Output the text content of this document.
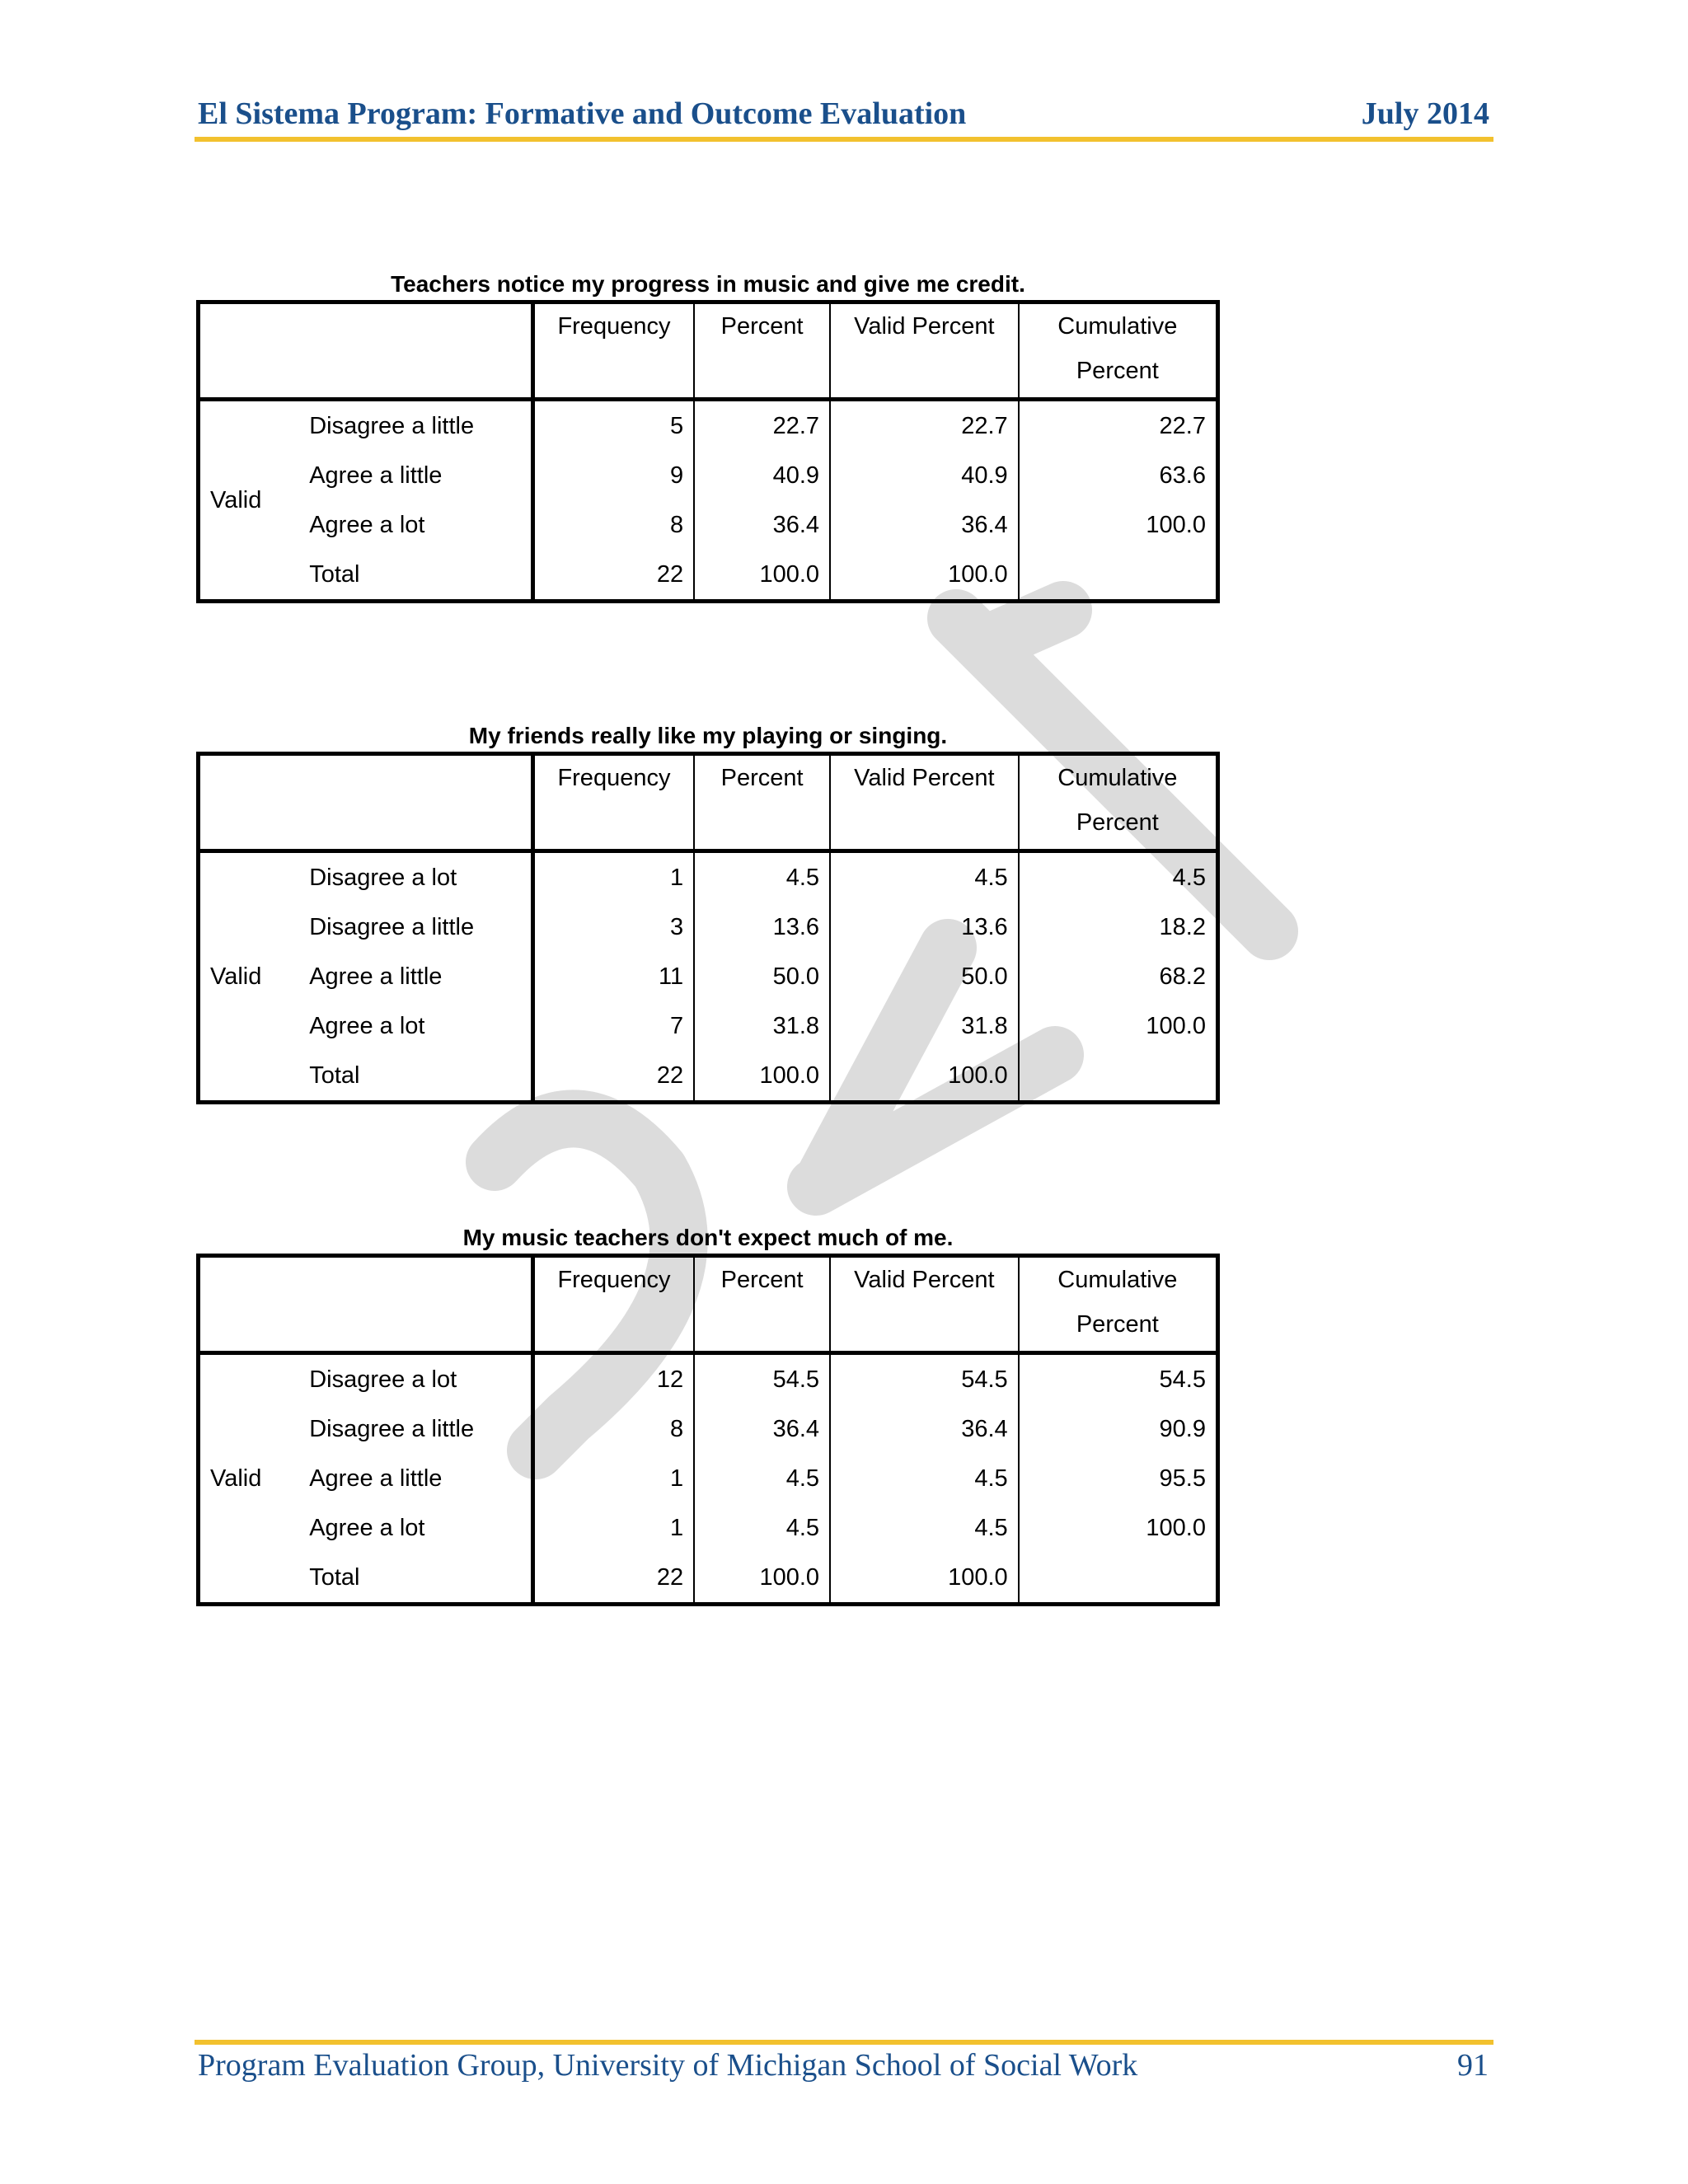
El Sistema Program: Formative and Outcome Evaluation	July 2014
Teachers notice my progress in music and give me credit.
		Frequency	Percent	Valid Percent	Cumulative Percent
Valid	Disagree a little	5	22.7	22.7	22.7
	Agree a little	9	40.9	40.9	63.6
	Agree a lot	8	36.4	36.4	100.0
	Total	22	100.0	100.0	
My friends really like my playing or singing.
		Frequency	Percent	Valid Percent	Cumulative Percent
Valid	Disagree a lot	1	4.5	4.5	4.5
	Disagree a little	3	13.6	13.6	18.2
	Agree a little	11	50.0	50.0	68.2
	Agree a lot	7	31.8	31.8	100.0
	Total	22	100.0	100.0	
My music teachers don't expect much of me.
		Frequency	Percent	Valid Percent	Cumulative Percent
Valid	Disagree a lot	12	54.5	54.5	54.5
	Disagree a little	8	36.4	36.4	90.9
	Agree a little	1	4.5	4.5	95.5
	Agree a lot	1	4.5	4.5	100.0
	Total	22	100.0	100.0	
Program Evaluation Group, University of Michigan School of Social Work	91
